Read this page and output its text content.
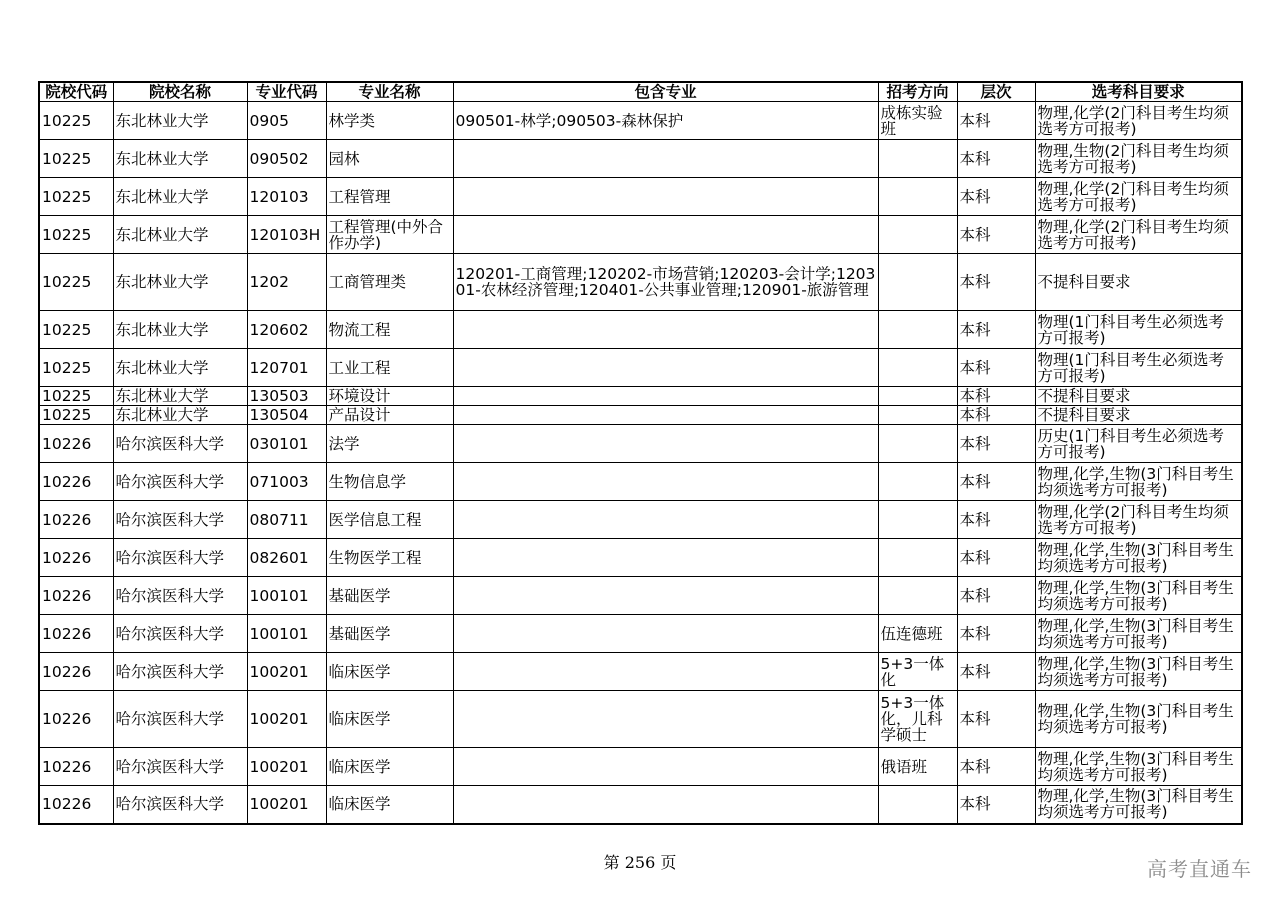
院校代码	院校名称	专业代码	专业名称	包含专业	招考方向	层次	选考科目要求
10225	东北林业大学	0905	林学类	090501-林学;090503-森林保护	成栋实验班	本科	物理,化学(2门科目考生均须选考方可报考)
10225	东北林业大学	090502	园林			本科	物理,生物(2门科目考生均须选考方可报考)
10225	东北林业大学	120103	工程管理			本科	物理,化学(2门科目考生均须选考方可报考)
10225	东北林业大学	120103H	工程管理(中外合作办学)			本科	物理,化学(2门科目考生均须选考方可报考)
10225	东北林业大学	1202	工商管理类	120201-工商管理;120202-市场营销;120203-会计学;120301-农林经济管理;120401-公共事业管理;120901-旅游管理		本科	不提科目要求
10225	东北林业大学	120602	物流工程			本科	物理(1门科目考生必须选考方可报考)
10225	东北林业大学	120701	工业工程			本科	物理(1门科目考生必须选考方可报考)
10225	东北林业大学	130503	环境设计			本科	不提科目要求
10225	东北林业大学	130504	产品设计			本科	不提科目要求
10226	哈尔滨医科大学	030101	法学			本科	历史(1门科目考生必须选考方可报考)
10226	哈尔滨医科大学	071003	生物信息学			本科	物理,化学,生物(3门科目考生均须选考方可报考)
10226	哈尔滨医科大学	080711	医学信息工程			本科	物理,化学(2门科目考生均须选考方可报考)
10226	哈尔滨医科大学	082601	生物医学工程			本科	物理,化学,生物(3门科目考生均须选考方可报考)
10226	哈尔滨医科大学	100101	基础医学			本科	物理,化学,生物(3门科目考生均须选考方可报考)
10226	哈尔滨医科大学	100101	基础医学		伍连德班	本科	物理,化学,生物(3门科目考生均须选考方可报考)
10226	哈尔滨医科大学	100201	临床医学		5+3一体化	本科	物理,化学,生物(3门科目考生均须选考方可报考)
10226	哈尔滨医科大学	100201	临床医学		5+3一体化，儿科学硕士	本科	物理,化学,生物(3门科目考生均须选考方可报考)
10226	哈尔滨医科大学	100201	临床医学		俄语班	本科	物理,化学,生物(3门科目考生均须选考方可报考)
10226	哈尔滨医科大学	100201	临床医学			本科	物理,化学,生物(3门科目考生均须选考方可报考)
第 256 页	高考直通车
